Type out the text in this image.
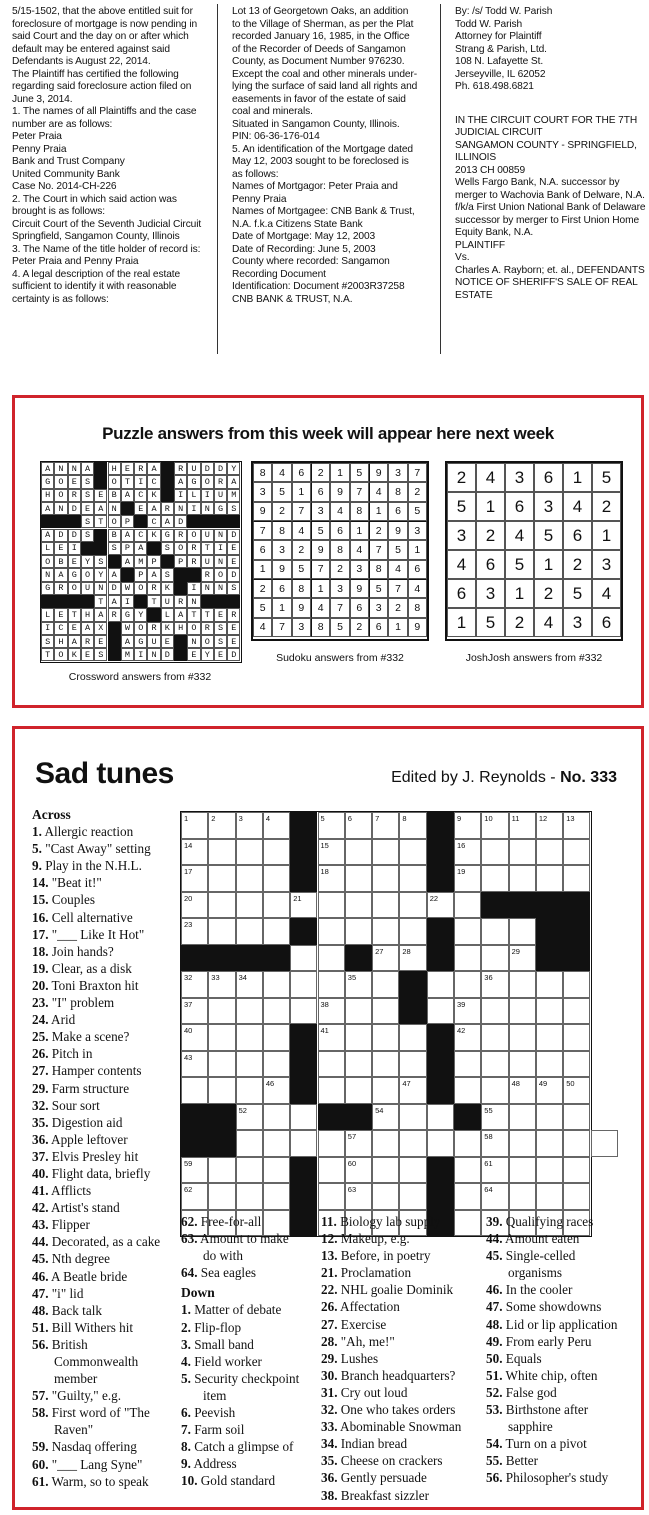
5/15-1502, that the above entitled suit for
foreclosure of mortgage is now pending in
said Court and the day on or after which
default may be entered against said
Defendants is August 22, 2014.
The Plaintiff has certified the following
regarding said foreclosure action filed on
June 3, 2014.
1. The names of all Plaintiffs and the case
number are as follows:
Peter Praia
Penny Praia
Bank and Trust Company
United Community Bank
Case No. 2014-CH-226
2. The Court in which said action was
brought is as follows:
Circuit Court of the Seventh Judicial Circuit
Springfield, Sangamon County, Illinois
3. The Name of the title holder of record is:
Peter Praia and Penny Praia
4. A legal description of the real estate
sufficient to identify it with reasonable
certainty is as follows:
Lot 13 of Georgetown Oaks, an addition
to the Village of Sherman, as per the Plat
recorded January 16, 1985, in the Office
of the Recorder of Deeds of Sangamon
County, as Document Number 976230.
Except the coal and other minerals under-
lying the surface of said land all rights and
easements in favor of the estate of said
coal and minerals.
Situated in Sangamon County, Illinois.
PIN: 06-36-176-014
5. An identification of the Mortgage dated
May 12, 2003 sought to be foreclosed is
as follows:
Names of Mortgagor: Peter Praia and
Penny Praia
Names of Mortgagee: CNB Bank & Trust,
N.A. f.k.a Citizens State Bank
Date of Mortgage: May 12, 2003
Date of Recording: June 5, 2003
County where recorded: Sangamon
Recording Document
Identification: Document #2003R37258
CNB BANK & TRUST, N.A.
By: /s/ Todd W. Parish
Todd W. Parish
Attorney for Plaintiff
Strang & Parish, Ltd.
108 N. Lafayette St.
Jerseyville, IL 62052
Ph. 618.498.6821
IN THE CIRCUIT COURT FOR THE 7TH
JUDICIAL CIRCUIT
SANGAMON COUNTY - SPRINGFIELD,
ILLINOIS
2013 CH 00859
Wells Fargo Bank, N.A. successor by
merger to Wachovia Bank of Delware, N.A.
f/k/a First Union National Bank of Delaware
successor by merger to First Union Home
Equity Bank, N.A.
PLAINTIFF
Vs.
Charles A. Rayborn; et. al., DEFENDANTS
NOTICE OF SHERIFF'S SALE OF REAL
ESTATE
Puzzle answers from this week will appear here next week
A N N A	H E R A	R U D D Y
G O E S	O T I C	A G O R A
H O R S E B A C K	I L I U M
A N D E A N	E A R N I N G S
S T O P	C A D
A D D S	B A C K G R O U N D
L E I	S P A	S O R T I E
O B E Y S	A M P	P R U N E
N A G O Y A	P A S	R O D
G R O U N D W O R K	I N N S
T A I	T U R N
L E T H A R G Y	L A T T E R
I C E A X	W O R K H O R S E
S H A R E	A G U E	N O S E
T O K E S	M I N D	E Y E D
Crossword answers from #332
8	4	6	2	1	5	9	3	7
3	5	1	6	9	7	4	8	2
9	2	7	3	4	8	1	6	5
7	8	4	5	6	1	2	9	3
6	3	2	9	8	4	7	5	1
1	9	5	7	2	3	8	4	6
2	6	8	1	3	9	5	7	4
5	1	9	4	7	6	3	2	8
4	7	3	8	5	2	6	1	9
Sudoku answers from #332
2	4	3	6	1	5
5	1	6	3	4	2
3	2	4	5	6	1
4	6	5	1	2	3
6	3	1	2	5	4
1	5	2	4	3	6
JoshJosh answers from #332
Sad tunes	Edited by J. Reynolds - No. 333
Across
1. Allergic reaction
5. "Cast Away" setting
9. Play in the N.H.L.
14. "Beat it!"
15. Couples
16. Cell alternative
17. "___ Like It Hot"
18. Join hands?
19. Clear, as a disk
20. Toni Braxton hit
23. "I" problem
24. Arid
25. Make a scene?
26. Pitch in
27. Hamper contents
29. Farm structure
32. Sour sort
35. Digestion aid
36. Apple leftover
37. Elvis Presley hit
40. Flight data, briefly
41. Afflicts
42. Artist's stand
43. Flipper
44. Decorated, as a cake
45. Nth degree
46. A Beatle bride
47. "i" lid
48. Back talk
51. Bill Withers hit
56. British
Commonwealth
member
57. "Guilty," e.g.
58. First word of "The
Raven"
59. Nasdaq offering
60. "___ Lang Syne"
61. Warm, so to speak
1	2	3	4	5	6	7	8	9	10	11	12	13
14	15	16
17	18	19
20	21	22
23
27	28	29
32	33	34	35	36
37	38	39
40	41	42
43
46	47	48	49	50
52	54	55
57	58
59	60	61
62	63	64
62. Free-for-all
63. Amount to make
do with
64. Sea eagles
Down
1. Matter of debate
2. Flip-flop
3. Small band
4. Field worker
5. Security checkpoint
item
6. Peevish
7. Farm soil
8. Catch a glimpse of
9. Address
10. Gold standard
11. Biology lab supply
12. Makeup, e.g.
13. Before, in poetry
21. Proclamation
22. NHL goalie Dominik
26. Affectation
27. Exercise
28. "Ah, me!"
29. Lushes
30. Branch headquarters?
31. Cry out loud
32. One who takes orders
33. Abominable Snowman
34. Indian bread
35. Cheese on crackers
36. Gently persuade
38. Breakfast sizzler
39. Qualifying races
44. Amount eaten
45. Single-celled
organisms
46. In the cooler
47. Some showdowns
48. Lid or lip application
49. From early Peru
50. Equals
51. White chip, often
52. False god
53. Birthstone after
sapphire
54. Turn on a pivot
55. Better
56. Philosopher's study
